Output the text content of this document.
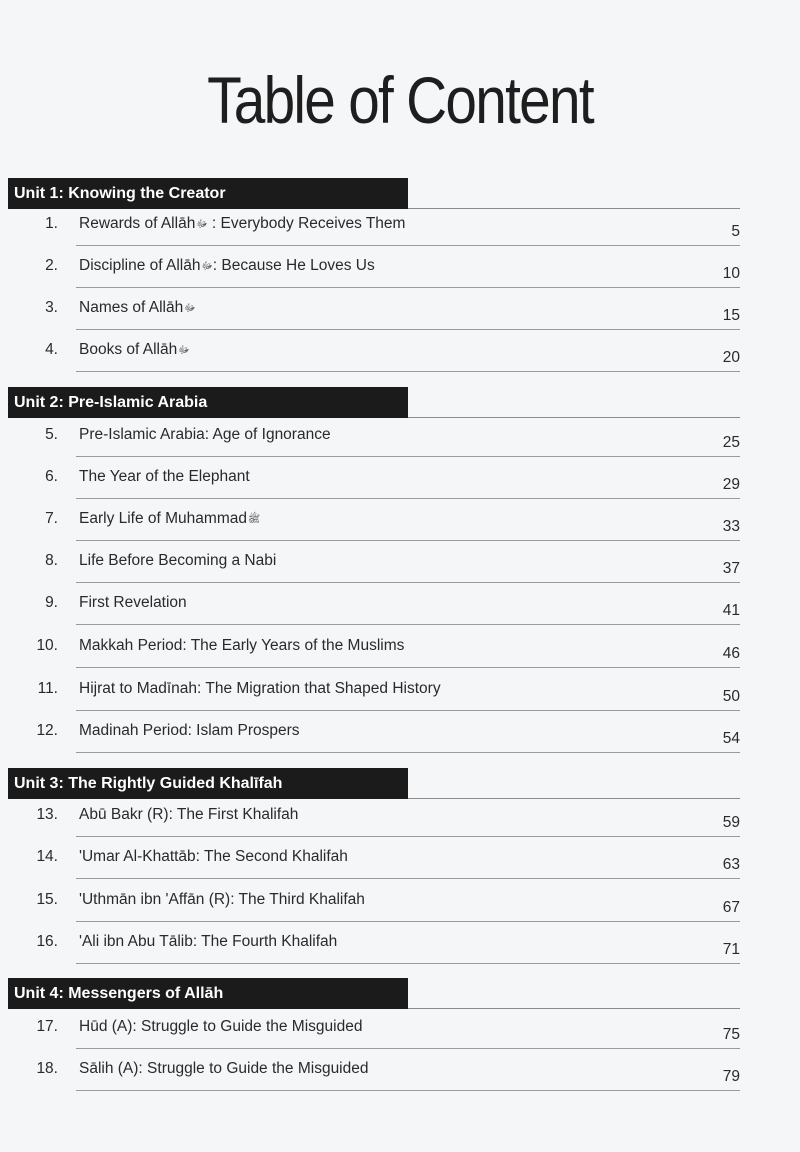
Table of Content
Unit 1: Knowing the Creator
1. Rewards of Allāhﷻ : Everybody Receives Them	5
2. Discipline of Allāhﷻ: Because He Loves Us	10
3. Names of Allāhﷻ	15
4. Books of Allāhﷻ	20
Unit 2: Pre-Islamic Arabia
5. Pre-Islamic Arabia: Age of Ignorance	25
6. The Year of the Elephant	29
7. Early Life of Muhammadﷺ	33
8. Life Before Becoming a Nabi	37
9. First Revelation	41
10. Makkah Period: The Early Years of the Muslims	46
11. Hijrat to Madīnah: The Migration that Shaped History	50
12. Madinah Period: Islam Prospers	54
Unit 3: The Rightly Guided Khalīfah
13. Abū Bakr (R): The First Khalifah	59
14. 'Umar Al-Khattāb: The Second Khalifah	63
15. 'Uthmān ibn 'Affān (R): The Third Khalifah	67
16. 'Ali ibn Abu Tālib: The Fourth Khalifah	71
Unit 4: Messengers of Allāh
17. Hūd (A): Struggle to Guide the Misguided	75
18. Sālih (A): Struggle to Guide the Misguided	79
